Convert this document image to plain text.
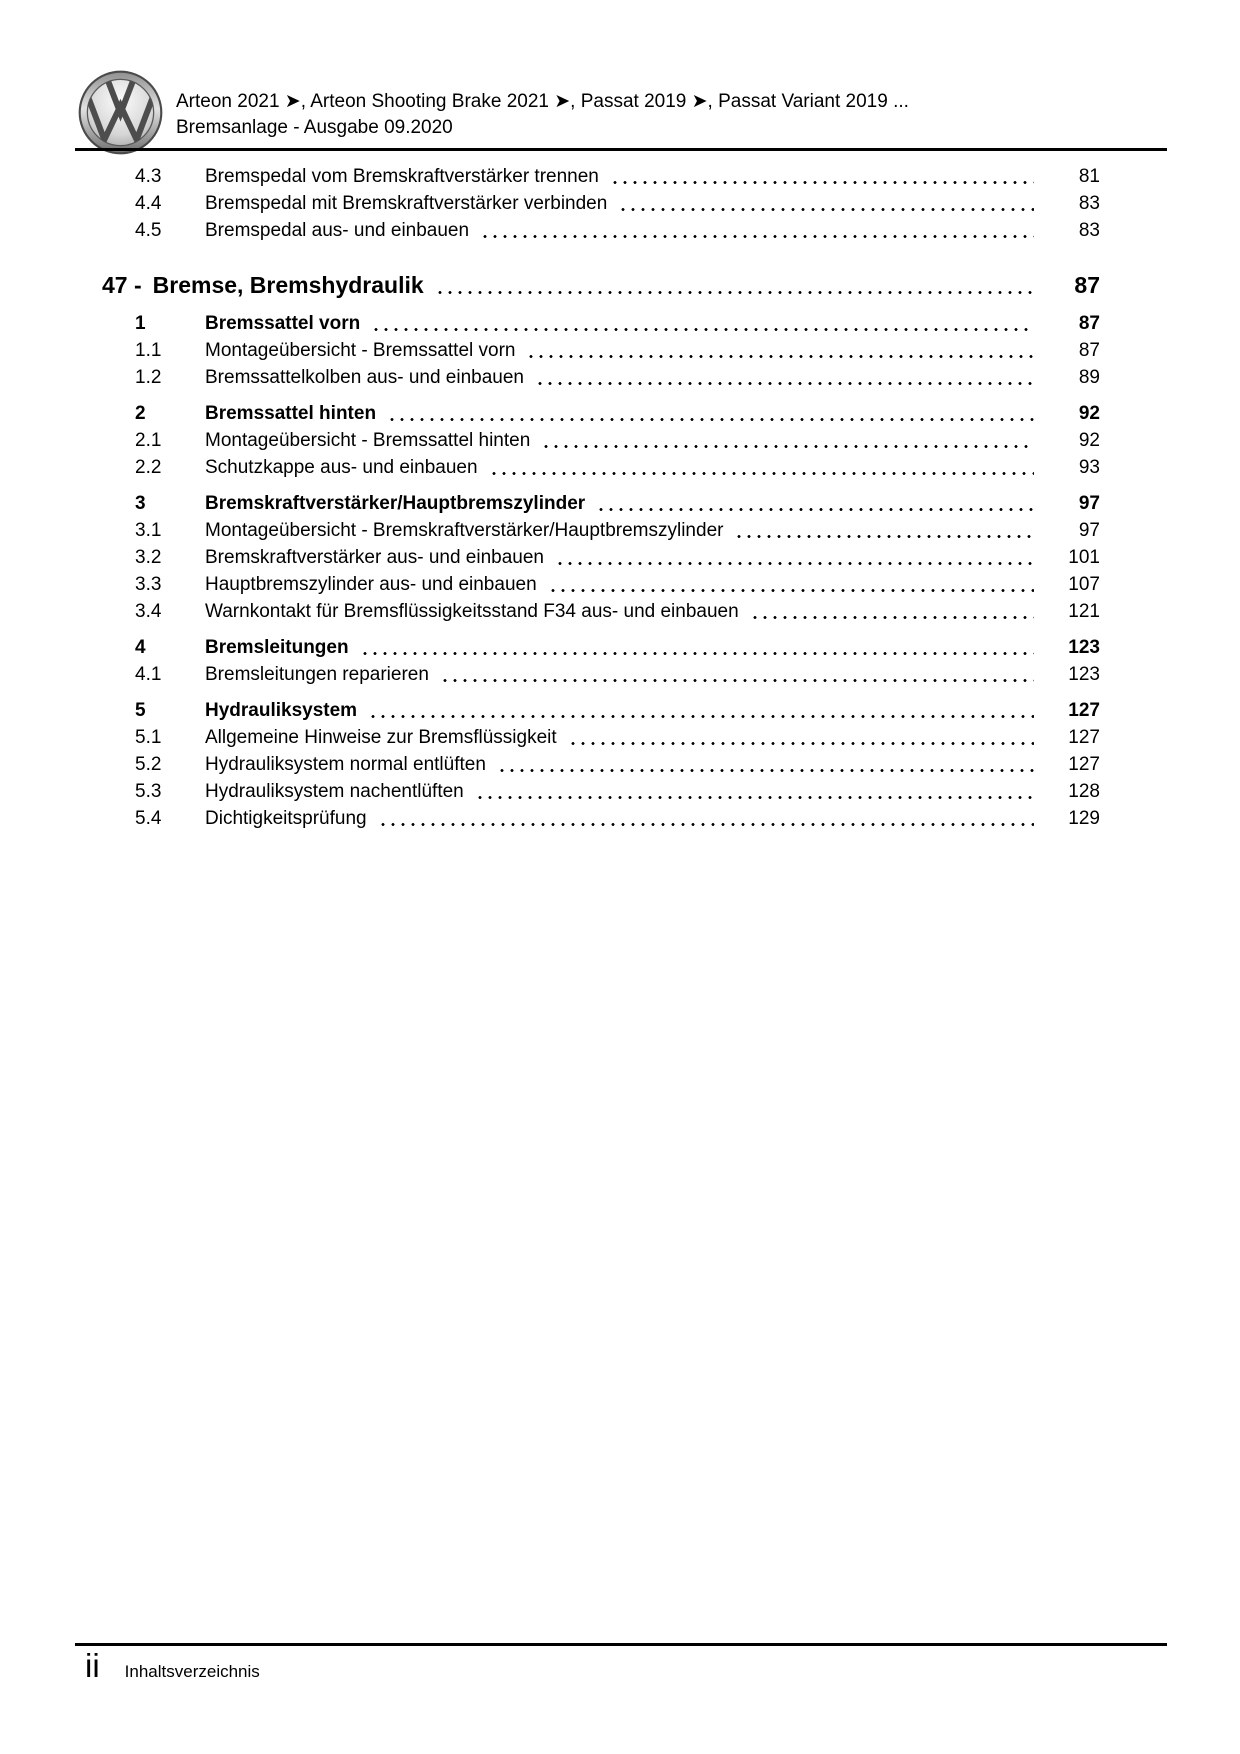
Arteon 2021 ➤, Arteon Shooting Brake 2021 ➤, Passat 2019 ➤, Passat Variant 2019 ...
Bremsanlage - Ausgabe 09.2020
4.3	Bremspedal vom Bremskraftverstärker trennen	81
4.4	Bremspedal mit Bremskraftverstärker verbinden	83
4.5	Bremspedal aus- und einbauen	83
47 - Bremse, Bremshydraulik	87
1	Bremssattel vorn	87
1.1	Montageübersicht - Bremssattel vorn	87
1.2	Bremssattelkolben aus- und einbauen	89
2	Bremssattel hinten	92
2.1	Montageübersicht - Bremssattel hinten	92
2.2	Schutzkappe aus- und einbauen	93
3	Bremskraftverstärker/Hauptbremszylinder	97
3.1	Montageübersicht - Bremskraftverstärker/Hauptbremszylinder	97
3.2	Bremskraftverstärker aus- und einbauen	101
3.3	Hauptbremszylinder aus- und einbauen	107
3.4	Warnkontakt für Bremsflüssigkeitsstand F34 aus- und einbauen	121
4	Bremsleitungen	123
4.1	Bremsleitungen reparieren	123
5	Hydrauliksystem	127
5.1	Allgemeine Hinweise zur Bremsflüssigkeit	127
5.2	Hydrauliksystem normal entlüften	127
5.3	Hydrauliksystem nachentlüften	128
5.4	Dichtigkeitsprüfung	129
ii Inhaltsverzeichnis
